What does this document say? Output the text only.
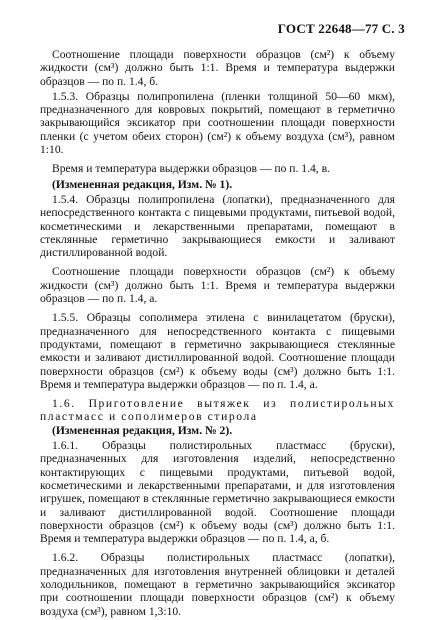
ГОСТ 22648—77 С. 3

Соотношение площади поверхности образцов (см²) к объему жидкости (см³) должно быть 1:1. Время и температура выдержки образцов — по п. 1.4, б.

1.5.3. Образцы полипропилена (пленки толщиной 50—60 мкм), предназначенного для ковровых покрытий, помещают в герметично закрывающийся эксикатор при соотношении площади поверхности пленки (с учетом обеих сторон) (см²) к объему воздуха (см³), равном 1:10.

Время и температура выдержки образцов — по п. 1.4, в.

(Измененная редакция, Изм. № 1).

1.5.4. Образцы полипропилена (лопатки), предназначенного для непосредственного контакта с пищевыми продуктами, питьевой водой, косметическими и лекарственными препаратами, помещают в стеклянные герметично закрывающиеся емкости и заливают дистиллированной водой.

Соотношение площади поверхности образцов (см²) к объему жидкости (см³) должно быть 1:1. Время и температура выдержки образцов — по п. 1.4, а.

1.5.5. Образцы сополимера этилена с винилацетатом (бруски), предназначенного для непосредственного контакта с пищевыми продуктами, помещают в герметично закрывающиеся стеклянные емкости и заливают дистиллированной водой. Соотношение площади поверхности образцов (см²) к объему воды (см³) должно быть 1:1. Время и температура выдержки образцов — по п. 1.4, а.

1.6. Приготовление вытяжек из полистирольных пластмасс и сополимеров стирола

(Измененная редакция, Изм. № 2).

1.6.1. Образцы полистирольных пластмасс (бруски), предназначенных для изготовления изделий, непосредственно контактирующих с пищевыми продуктами, питьевой водой, косметическими и лекарственными препаратами, и для изготовления игрушек, помещают в стеклянные герметично закрывающиеся емкости и заливают дистиллированной водой. Соотношение площади поверхности образцов (см²) к объему воды (см³) должно быть 1:1. Время и температура выдержки образцов — по п. 1.4, а, б.

1.6.2. Образцы полистирольных пластмасс (лопатки), предназначенных для изготовления внутренней облицовки и деталей холодильников, помещают в герметично закрывающийся эксикатор при соотношении площади поверхности образцов (см²) к объему воздуха (см³), равном 1,3:10.
